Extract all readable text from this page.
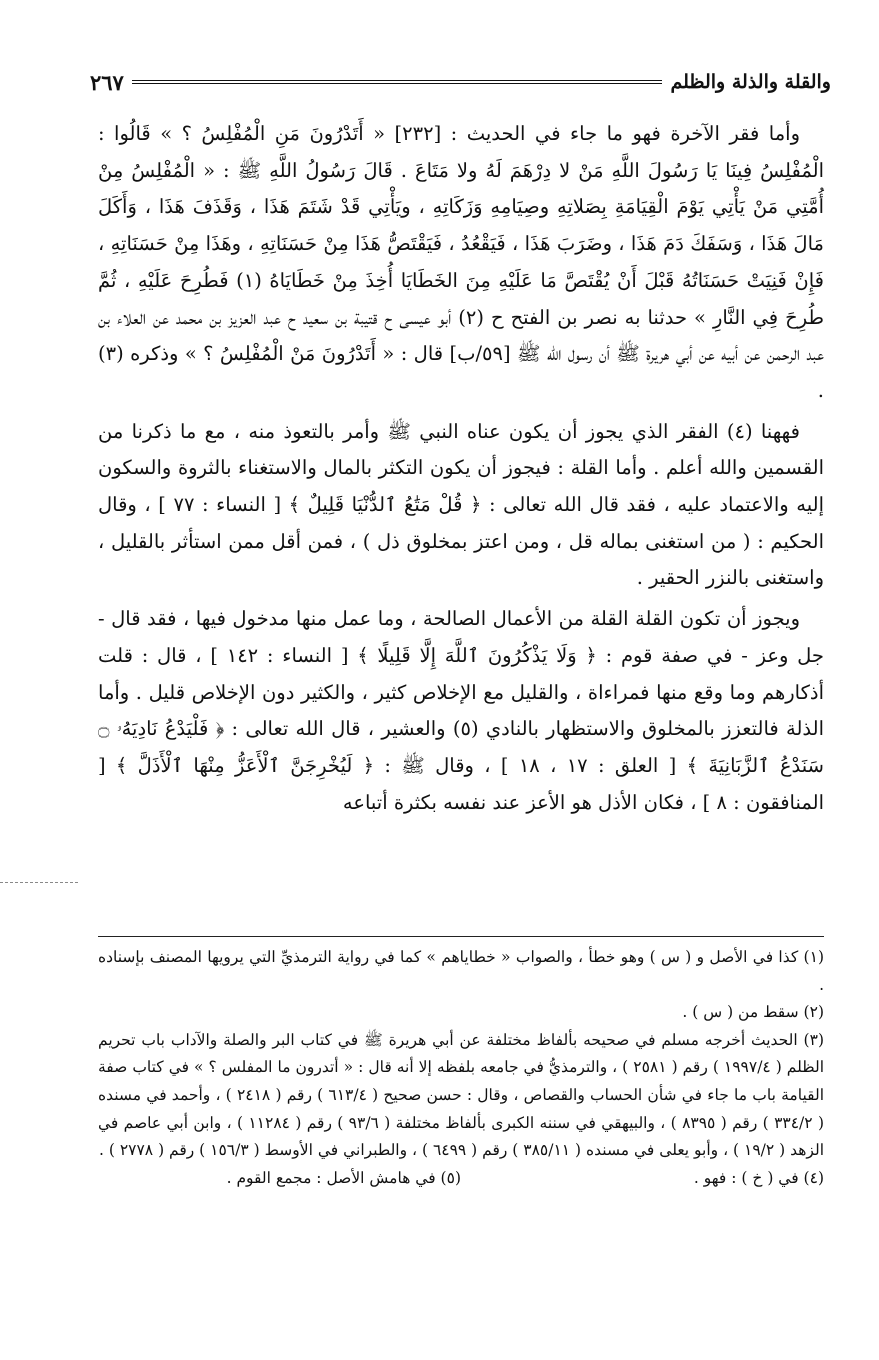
والقلة والذلة والظلم
٢٦٧

وأما فقر الآخرة فهو ما جاء في الحديث : [٢٣٢] « أَتَدْرُونَ مَنِ الْمُفْلِسُ ؟ » قَالُوا : الْمُفْلِسُ فِينَا يَا رَسُولَ اللَّهِ مَنْ لا دِرْهَمَ لَهُ ولا مَتَاعَ . قَالَ رَسُولُ اللَّهِ ﷺ : « الْمُفْلِسُ مِنْ أُمَّتِي مَنْ يَأْتِي يَوْمَ الْقِيَامَةِ بِصَلاتِهِ وصِيَامِهِ وَزَكَاتِهِ ، ويَأْتِي قَدْ شَتَمَ هَذَا ، وَقَذَفَ هَذَا ، وَأَكَلَ مَالَ هَذَا ، وَسَفَكَ دَمَ هَذَا ، وضَرَبَ هَذَا ، فَيَقْعُدُ ، فَيَقْتَصُّ هَذَا مِنْ حَسَنَاتِهِ ، وهَذَا مِنْ حَسَنَاتِهِ ، فَإِنْ فَنِيَتْ حَسَنَاتُهُ قَبْلَ أَنْ يُقْتَصَّ مَا عَلَيْهِ مِنَ الخَطَايَا أُخِذَ مِنْ خَطَايَاهُ (١) فَطُرِحَ عَلَيْهِ ، ثُمَّ طُرِحَ فِي النَّارِ » حدثنا به نصر بن الفتح ح (٢) أبو عيسى ح قتيبة بن سعيد ح عبد العزيز بن محمد عن العلاء بن عبد الرحمن عن أبيه عن أبي هريرة ﷺ أن رسول الله ﷺ [٥٩/ب] قال : « أَتَدْرُونَ مَنْ الْمُفْلِسُ ؟ » وذكره (٣) .

فههنا (٤) الفقر الذي يجوز أن يكون عناه النبي ﷺ وأمر بالتعوذ منه ، مع ما ذكرنا من القسمين والله أعلم . وأما القلة : فيجوز أن يكون التكثر بالمال والاستغناء بالثروة والسكون إليه والاعتماد عليه ، فقد قال الله تعالى : ﴿ قُلْ مَتَٰعُ ٱلدُّنْيَا قَلِيلٌ ﴾ [ النساء : ٧٧ ] ، وقال الحكيم : ( من استغنى بماله قل ، ومن اعتز بمخلوق ذل ) ، فمن أقل ممن استأثر بالقليل ، واستغنى بالنزر الحقير .

ويجوز أن تكون القلة القلة من الأعمال الصالحة ، وما عمل منها مدخول فيها ، فقد قال - جل وعز - في صفة قوم : ﴿ وَلَا يَذْكُرُونَ ٱللَّهَ إِلَّا قَلِيلًا ﴾ [ النساء : ١٤٢ ] ، قال : قلت أذكارهم وما وقع منها فمراءاة ، والقليل مع الإخلاص كثير ، والكثير دون الإخلاص قليل . وأما الذلة فالتعزز بالمخلوق والاستظهار بالنادي (٥) والعشير ، قال الله تعالى : ﴿ فَلْيَدْعُ نَادِيَهُۥ ۝ سَنَدْعُ ٱلزَّبَانِيَةَ ﴾ [ العلق : ١٧ ، ١٨ ] ، وقال ﷺ : ﴿ لَيُخْرِجَنَّ ٱلْأَعَزُّ مِنْهَا ٱلْأَذَلَّ ﴾ [ المنافقون : ٨ ] ، فكان الأذل هو الأعز عند نفسه بكثرة أتباعه

(١) كذا في الأصل و ( س ) وهو خطأ ، والصواب « خطاياهم » كما في رواية الترمذيِّ التي يرويها المصنف بإسناده .

(٢) سقط من ( س ) .

(٣) الحديث أخرجه مسلم في صحيحه بألفاظ مختلفة عن أبي هريرة ﷺ في كتاب البر والصلة والآداب باب تحريم الظلم ( ١٩٩٧/٤ ) رقم ( ٢٥٨١ ) ، والترمذيُّ في جامعه بلفظه إلا أنه قال : « أتدرون ما المفلس ؟ » في كتاب صفة القيامة باب ما جاء في شأن الحساب والقصاص ، وقال : حسن صحيح ( ٦١٣/٤ ) رقم ( ٢٤١٨ ) ، وأحمد في مسنده ( ٣٣٤/٢ ) رقم ( ٨٣٩٥ ) ، والبيهقي في سننه الكبرى بألفاظ مختلفة ( ٩٣/٦ ) رقم ( ١١٢٨٤ ) ، وابن أبي عاصم في الزهد ( ١٩/٢ ) ، وأبو يعلى في مسنده ( ٣٨٥/١١ ) رقم ( ٦٤٩٩ ) ، والطبراني في الأوسط ( ١٥٦/٣ ) رقم ( ٢٧٧٨ ) .

(٤) في ( خ ) : فهو .

(٥) في هامش الأصل : مجمع القوم .
